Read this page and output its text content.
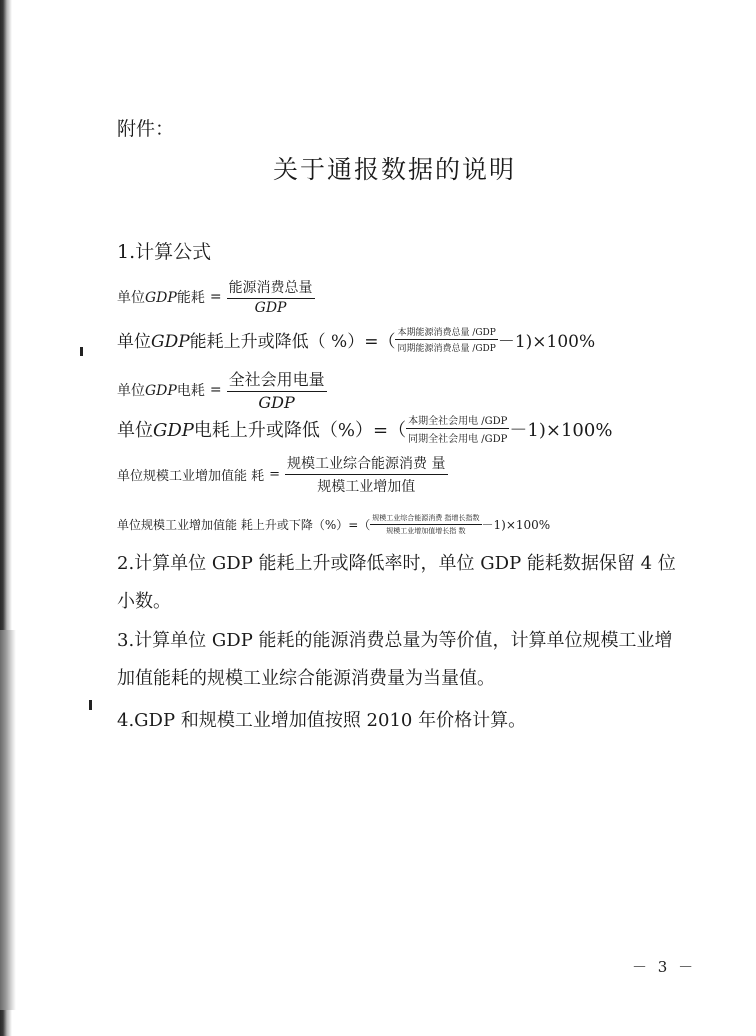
附件：
关于通报数据的说明
1.计算公式
单位GDP能耗 = $\frac{\text{能源消费总量}}{\text{GDP}}$
单位GDP能耗上升或降低（ %）=（ $\frac{\text{本期能源消费总量 /GDP}}{\text{同期能源消费总量 /GDP}} -1)\times 100\%$
单位GDP电耗 = $\frac{\text{全社会用电量}}{\text{GDP}}$
单位GDP电耗上升或降低（%）=（ $\frac{\text{本期全社会用电 /GDP}}{\text{同期全社会用电 /GDP}} -1)\times 100\%$
单位规模工业增加值能 耗 = $\frac{\text{规模工业综合能源消费 量}}{\text{规模工业增加值}}$
单位规模工业增加值能 耗上升或下降（%）=（ $\frac{\text{规模工业综合能源消费 指增长指数}}{\text{规模工业增加值增长指 数}} -1)\times 100\%$
2.计算单位 GDP 能耗上升或降低率时，单位 GDP 能耗数据保留 4 位小数。
3.计算单位 GDP 能耗的能源消费总量为等价值，计算单位规模工业增加值能耗的规模工业综合能源消费量为当量值。
4.GDP 和规模工业增加值按照 2010 年价格计算。
－ 3 －
